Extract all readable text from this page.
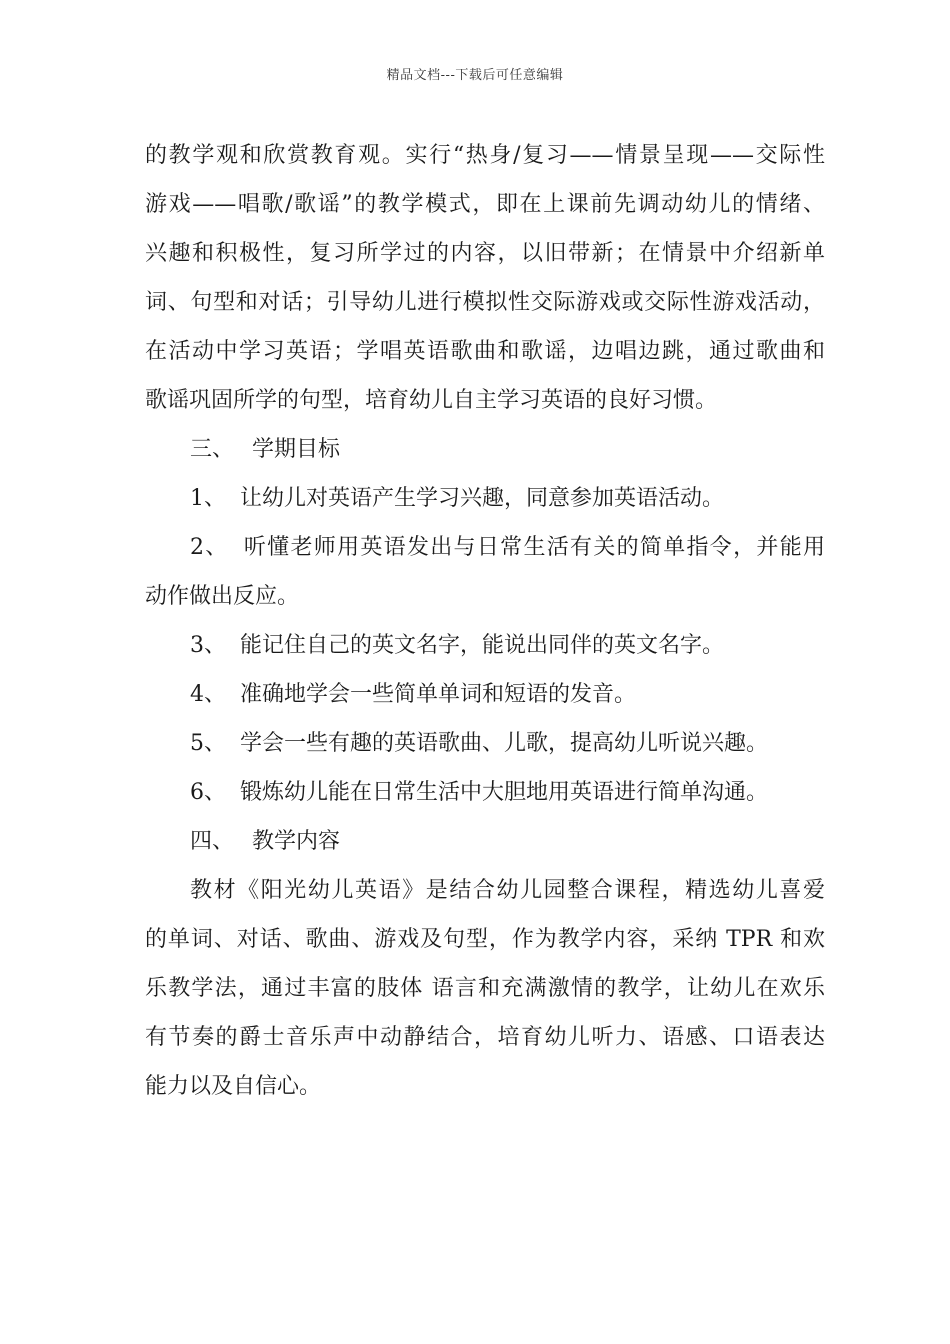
精品文档---下载后可任意编辑
的教学观和欣赏教育观。实行“热身/复习——情景呈现——交际性
游戏——唱歌/歌谣”的教学模式，即在上课前先调动幼儿的情绪、
兴趣和积极性，复习所学过的内容，以旧带新；在情景中介绍新单
词、句型和对话；引导幼儿进行模拟性交际游戏或交际性游戏活动，
在活动中学习英语；学唱英语歌曲和歌谣，边唱边跳，通过歌曲和
歌谣巩固所学的句型，培育幼儿自主学习英语的良好习惯。
三、 学期目标
1、 让幼儿对英语产生学习兴趣，同意参加英语活动。
2、 听懂老师用英语发出与日常生活有关的简单指令，并能用
动作做出反应。
3、 能记住自己的英文名字，能说出同伴的英文名字。
4、 准确地学会一些简单单词和短语的发音。
5、 学会一些有趣的英语歌曲、儿歌，提高幼儿听说兴趣。
6、 锻炼幼儿能在日常生活中大胆地用英语进行简单沟通。
四、 教学内容
教材《阳光幼儿英语》是结合幼儿园整合课程，精选幼儿喜爱
的单词、对话、歌曲、游戏及句型，作为教学内容，采纳 TPR 和欢
乐教学法，通过丰富的肢体 语言和充满激情的教学，让幼儿在欢乐
有节奏的爵士音乐声中动静结合，培育幼儿听力、语感、口语表达
能力以及自信心。
